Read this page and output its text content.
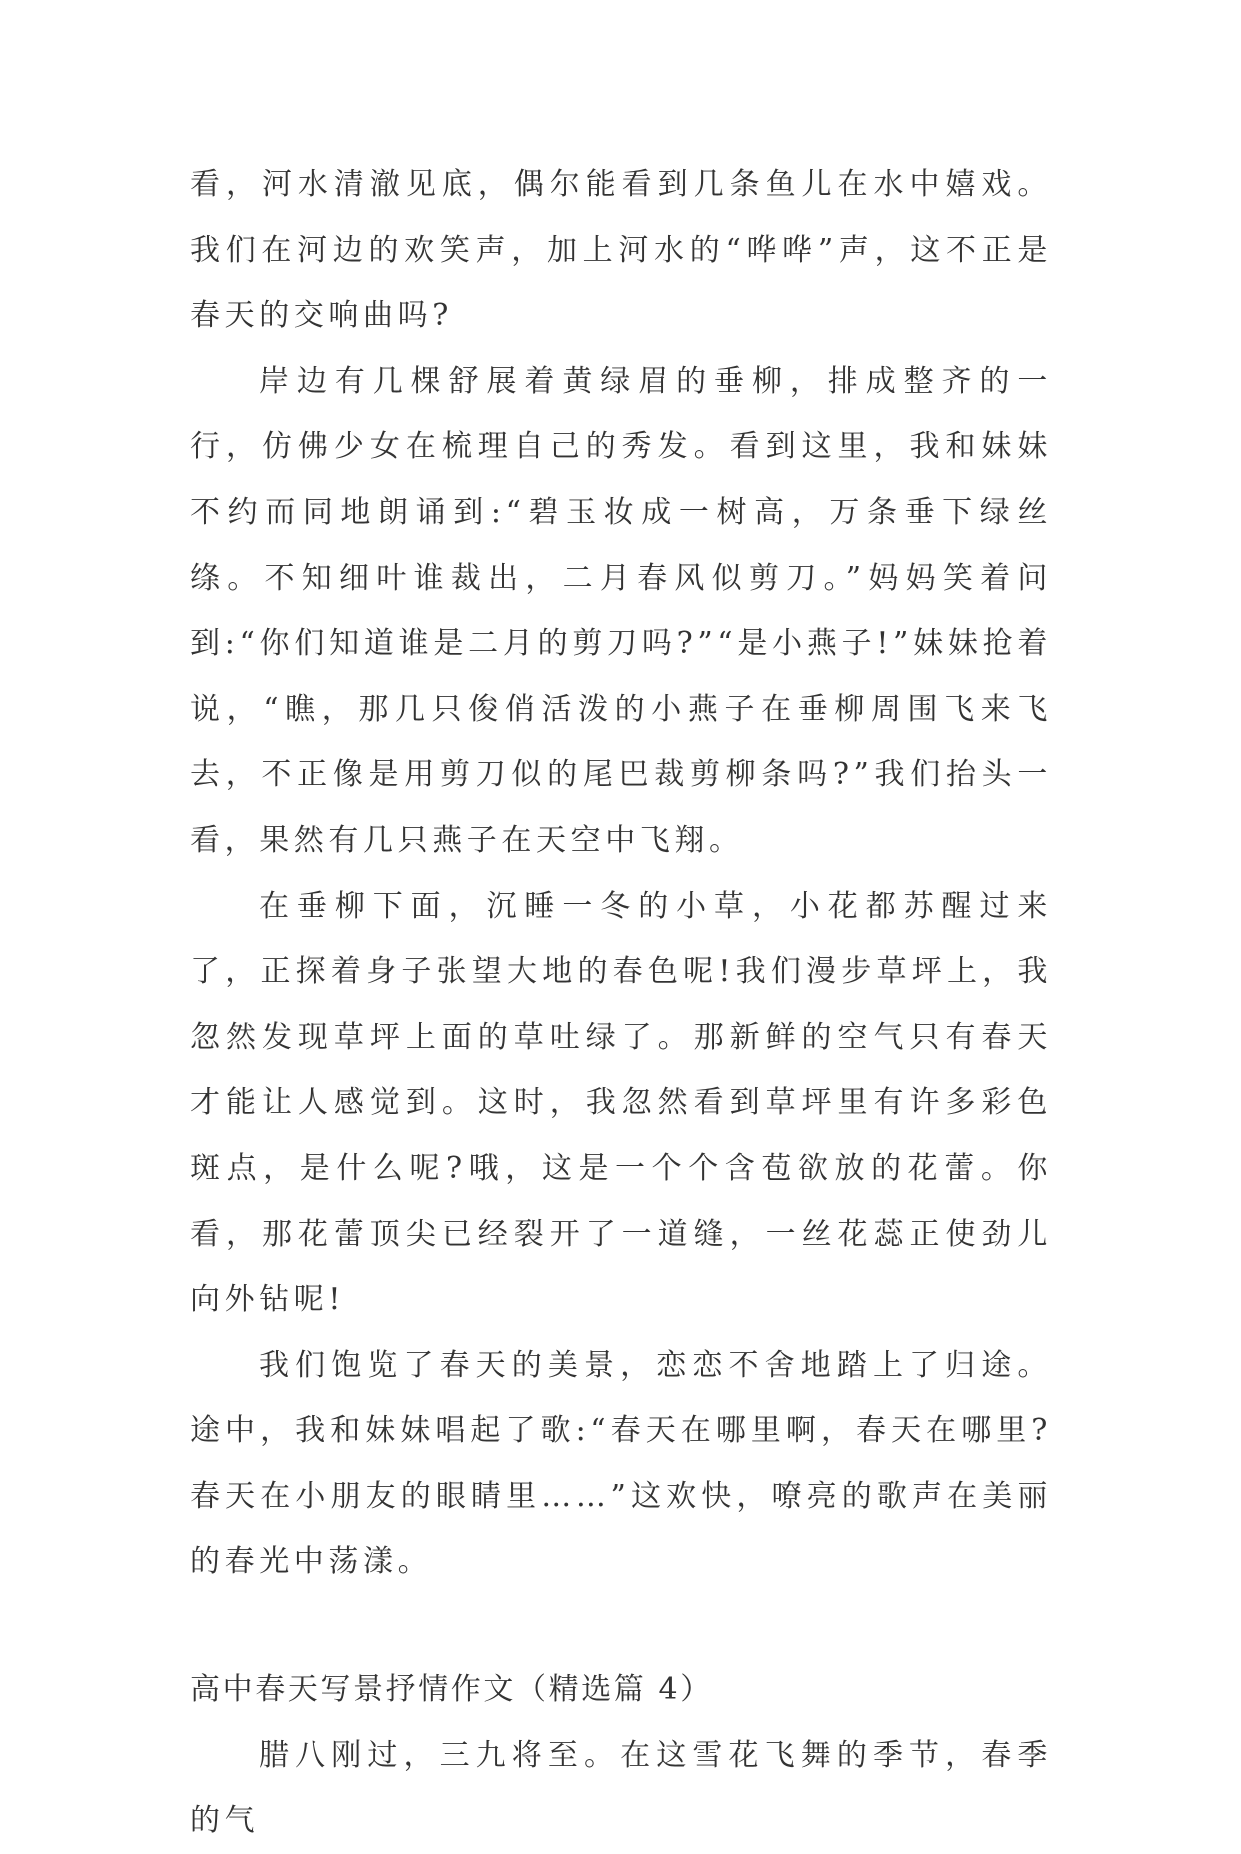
看，河水清澈见底，偶尔能看到几条鱼儿在水中嬉戏。我们在河边的欢笑声，加上河水的“哗哗”声，这不正是春天的交响曲吗?

岸边有几棵舒展着黄绿眉的垂柳，排成整齐的一行，仿佛少女在梳理自己的秀发。看到这里，我和妹妹不约而同地朗诵到:“碧玉妆成一树高，万条垂下绿丝绦。不知细叶谁裁出，二月春风似剪刀。”妈妈笑着问到:“你们知道谁是二月的剪刀吗?”“是小燕子!”妹妹抢着说，“瞧，那几只俊俏活泼的小燕子在垂柳周围飞来飞去，不正像是用剪刀似的尾巴裁剪柳条吗?”我们抬头一看，果然有几只燕子在天空中飞翔。

在垂柳下面，沉睡一冬的小草，小花都苏醒过来了，正探着身子张望大地的春色呢!我们漫步草坪上，我忽然发现草坪上面的草吐绿了。那新鲜的空气只有春天才能让人感觉到。这时，我忽然看到草坪里有许多彩色斑点，是什么呢?哦，这是一个个含苞欲放的花蕾。你看，那花蕾顶尖已经裂开了一道缝，一丝花蕊正使劲儿向外钻呢!

我们饱览了春天的美景，恋恋不舍地踏上了归途。途中，我和妹妹唱起了歌:“春天在哪里啊，春天在哪里?春天在小朋友的眼睛里……”这欢快，嘹亮的歌声在美丽的春光中荡漾。

高中春天写景抒情作文（精选篇 4）

腊八刚过，三九将至。在这雪花飞舞的季节，春季的气
